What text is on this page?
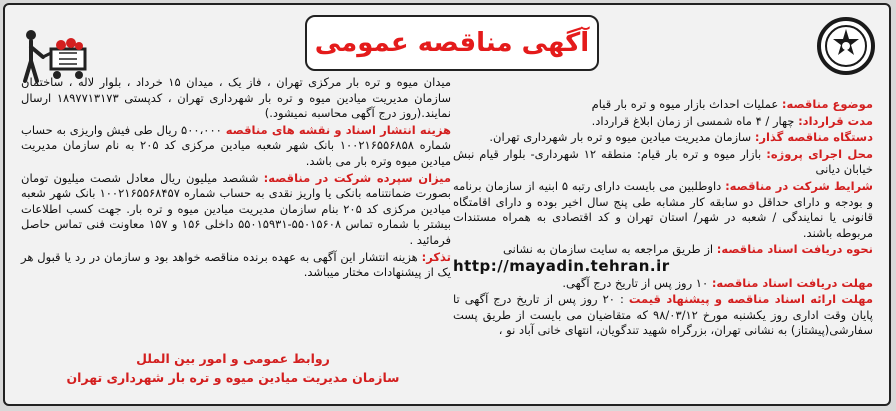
آگهی مناقصه عمومی

موضوع مناقصه: عملیات احداث بازار میوه و تره بار قیام

مدت قرارداد: چهار / ۴ ماه شمسی از زمان ابلاغ قرارداد.

دستگاه مناقصه گذار: سازمان مدیریت میادین میوه و تره بار شهرداری تهران.

محل اجرای پروژه: بازار میوه و تره بار قیام: منطقه ۱۲ شهرداری- بلوار قیام نبش خیابان دیانی

شرایط شرکت در مناقصه: داوطلبین می بایست دارای رتبه ۵ ابنیه از سازمان برنامه و بودجه و دارای حداقل دو سابقه کار مشابه طی پنج سال اخیر بوده و دارای اقامتگاه قانونی یا نمایندگی / شعبه در شهر/ استان تهران و کد اقتصادی به همراه مستندات مربوطه باشند.

نحوه دریافت اسناد مناقصه: از طریق مراجعه به سایت سازمان به نشانی

http://mayadin.tehran.ir

مهلت دریافت اسناد مناقصه: ۱۰ روز پس از تاریخ درج آگهی.

مهلت ارائه اسناد مناقصه و پیشنهاد قیمت : ۲۰ روز پس از تاریخ درج آگهی تا پایان وقت اداری روز یکشنبه مورخ ۹۸/۰۳/۱۲ که متقاضیان می بایست از طریق پست سفارشی(پیشتاز) به نشانی تهران، بزرگراه شهید تندگویان، انتهای خانی آباد نو ،

میدان میوه و تره بار مرکزی تهران ، فاز یک ، میدان ۱۵ خرداد ، بلوار لاله ، ساختمان سازمان مدیریت میادین میوه و تره بار شهرداری تهران ، کدپستی ۱۸۹۷۷۱۳۱۷۳ ارسال نمایند.(روز درج آگهی محاسبه نمیشود.)

هزینه انتشار اسناد و نقشه های مناقصه ۵۰۰،۰۰۰ ریال طی فیش واریزی به حساب شماره ۱۰۰۲۱۶۵۵۶۸۵۸ بانک شهر شعبه میادین مرکزی کد ۲۰۵ به نام سازمان مدیریت میادین میوه وتره بار می باشد.

میزان سپرده شرکت در مناقصه: ششصد میلیون ریال معادل شصت میلیون تومان بصورت ضمانتنامه بانکی یا واریز نقدی به حساب شماره ۱۰۰۲۱۶۵۵۶۸۴۵۷ بانک شهر شعبه میادین مرکزی کد ۲۰۵ بنام سازمان مدیریت میادین میوه و تره بار. جهت کسب اطلاعات بیشتر با شماره تماس ۵۵۰۱۵۶۰۸-۵۵۰۱۵۹۳۱ داخلی ۱۵۶ و ۱۵۷ معاونت فنی تماس حاصل فرمائید .

تذکر: هزینه انتشار این آگهی به عهده برنده مناقصه خواهد بود و سازمان در رد یا قبول هر یک از پیشنهادات مختار میباشد.

روابط عمومی و امور بین الملل
سازمان مدیریت میادین میوه و تره بار شهرداری تهران
